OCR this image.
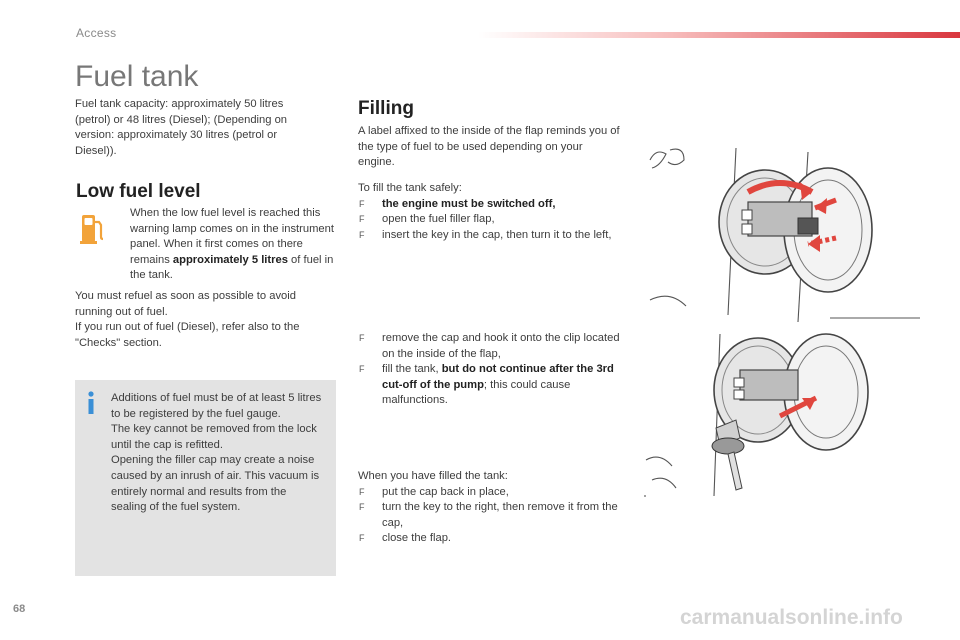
Access
Fuel tank
Fuel tank capacity: approximately 50 litres (petrol) or 48 litres (Diesel); (Depending on version: approximately 30 litres (petrol or Diesel)).
Low fuel level
When the low fuel level is reached this warning lamp comes on in the instrument panel. When it first comes on there remains approximately 5 litres of fuel in the tank.
You must refuel as soon as possible to avoid running out of fuel.
If you run out of fuel (Diesel), refer also to the "Checks" section.
Additions of fuel must be of at least 5 litres to be registered by the fuel gauge.
The key cannot be removed from the lock until the cap is refitted.
Opening the filler cap may create a noise caused by an inrush of air. This vacuum is entirely normal and results from the sealing of the fuel system.
Filling
A label affixed to the inside of the flap reminds you of the type of fuel to be used depending on your engine.
To fill the tank safely:
F the engine must be switched off,
F open the fuel filler flap,
F insert the key in the cap, then turn it to the left,
F remove the cap and hook it onto the clip located on the inside of the flap,
F fill the tank, but do not continue after the 3rd cut-off of the pump; this could cause malfunctions.
When you have filled the tank:
F put the cap back in place,
F turn the key to the right, then remove it from the cap,
F close the flap.
68	carmanualsonline.info
